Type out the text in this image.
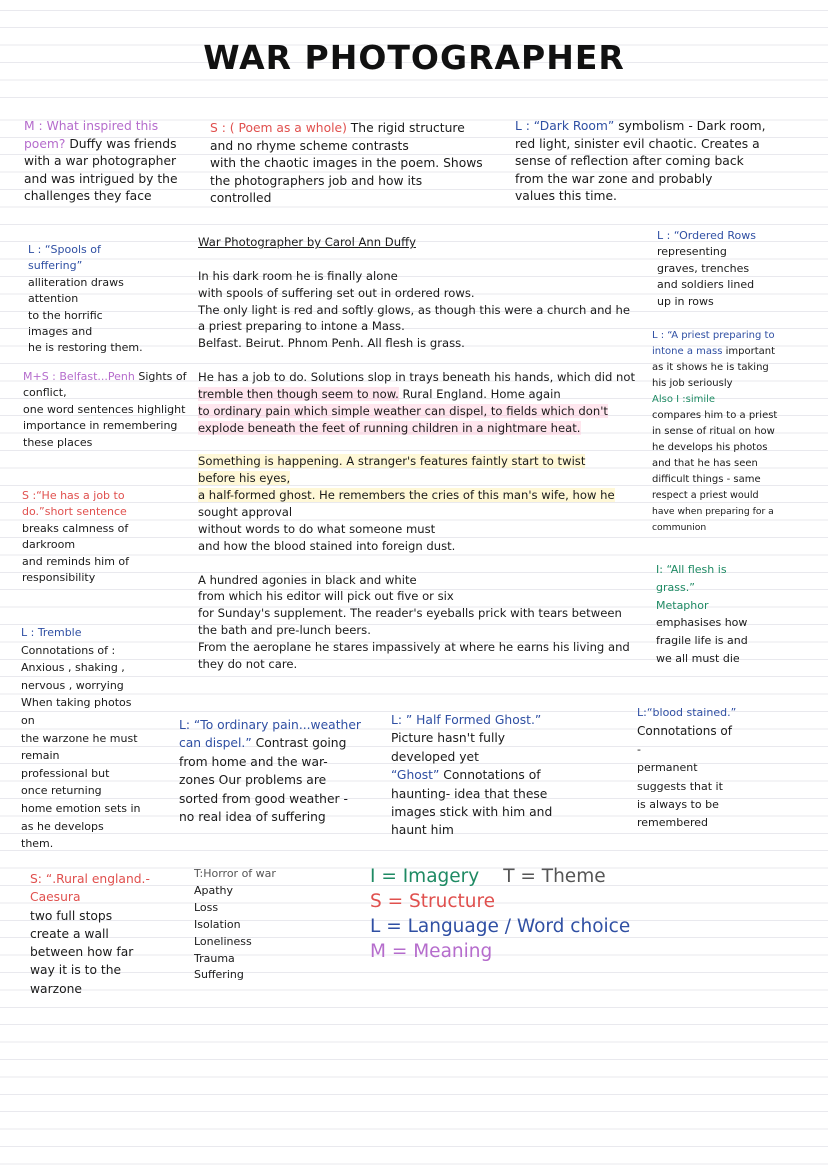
WAR PHOTOGRAPHER
M : What inspired this
poem? Duffy was friends
with a war photographer
and was intrigued by the
challenges they face
S : ( Poem as a whole) The rigid structure
and no rhyme scheme contrasts
with the chaotic images in the poem. Shows
the photographers job and how its
controlled
L : “Dark Room” symbolism - Dark room,
red light, sinister evil chaotic. Creates a
sense of reflection after coming back
from the war zone and probably
values this time.
War Photographer by Carol Ann Duffy
In his dark room he is finally alone
with spools of suffering set out in ordered rows.
The only light is red and softly glows, as though this were a church and he
a priest preparing to intone a Mass.
Belfast. Beirut. Phnom Penh. All flesh is grass.
He has a job to do. Solutions slop in trays beneath his hands, which did not
tremble then though seem to now. Rural England. Home again
to ordinary pain which simple weather can dispel, to fields which don't
explode beneath the feet of running children in a nightmare heat.
Something is happening. A stranger's features faintly start to twist
before his eyes,
a half-formed ghost. He remembers the cries of this man's wife, how he
sought approval
without words to do what someone must
and how the blood stained into foreign dust.
A hundred agonies in black and white
from which his editor will pick out five or six
for Sunday's supplement. The reader's eyeballs prick with tears between
the bath and pre-lunch beers.
From the aeroplane he stares impassively at where he earns his living and
they do not care.
L : “Spools of
suffering”
alliteration draws
attention
to the horrific
images and
he is restoring them.
M+S : Belfast...Penh Sights of
conflict,
one word sentences highlight
importance in remembering
these places
S :“He has a job to
do.”short sentence
breaks calmness of
darkroom
and reminds him of
responsibility
L : Tremble
Connotations of :
Anxious , shaking ,
nervous , worrying
When taking photos
on
the warzone he must
remain
professional but
once returning
home emotion sets in
as he develops
them.
S: “.Rural england.-
Caesura
two full stops
create a wall
between how far
way it is to the
warzone
L : “Ordered Rows
representing
graves, trenches
and soldiers lined
up in rows
L : “A priest preparing to
intone a mass important
as it shows he is taking
his job seriously
Also I :simile
compares him to a priest
in sense of ritual on how
he develops his photos
and that he has seen
difficult things - same
respect a priest would
have when preparing for a
communion
I: “All flesh is
grass.”
Metaphor
emphasises how
fragile life is and
we all must die
L:“blood stained.”
Connotations of
-
permanent
suggests that it
is always to be
remembered
L: “To ordinary pain...weather
can dispel.” Contrast going
from home and the war-
zones Our problems are
sorted from good weather -
no real idea of suffering
L: ” Half Formed Ghost.”
Picture hasn't fully
developed yet
“Ghost” Connotations of
haunting- idea that these
images stick with him and
haunt him
T:Horror of war
Apathy
Loss
Isolation
Loneliness
Trauma
Suffering
I = Imagery T = Theme
S = Structure
L = Language / Word choice
M = Meaning
